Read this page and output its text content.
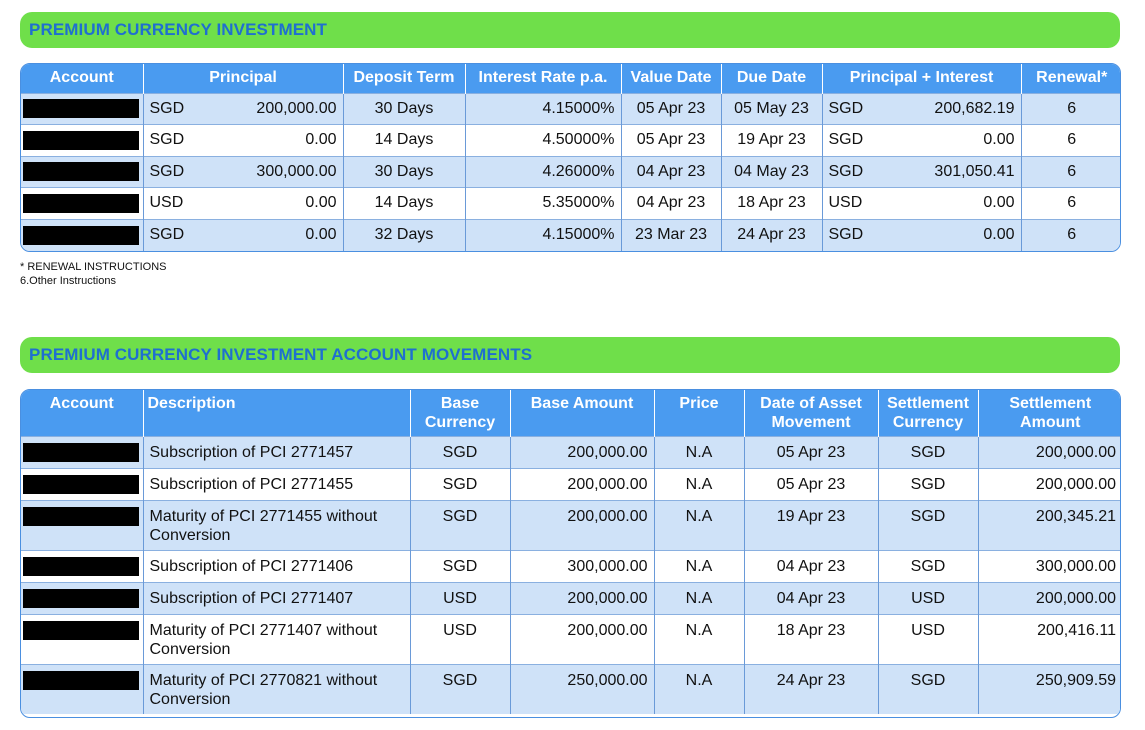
PREMIUM CURRENCY INVESTMENT
Account	Principal	Deposit Term	Interest Rate p.a.	Value Date	Due Date	Principal + Interest	Renewal*

	SGD 200,000.00	30 Days	4.15000%	05 Apr 23	05 May 23	SGD 200,682.19	6

	SGD 0.00	14 Days	4.50000%	05 Apr 23	19 Apr 23	SGD 0.00	6

	SGD 300,000.00	30 Days	4.26000%	04 Apr 23	04 May 23	SGD 301,050.41	6

	USD 0.00	14 Days	5.35000%	04 Apr 23	18 Apr 23	USD 0.00	6

	SGD 0.00	32 Days	4.15000%	23 Mar 23	24 Apr 23	SGD 0.00	6
* RENEWAL INSTRUCTIONS
6.Other Instructions
PREMIUM CURRENCY INVESTMENT ACCOUNT MOVEMENTS
Account	Description	Base Currency	Base Amount	Price	Date of Asset Movement	Settlement Currency	Settlement Amount

	Subscription of PCI 2771457	SGD	200,000.00	N.A	05 Apr 23	SGD	200,000.00

	Subscription of PCI 2771455	SGD	200,000.00	N.A	05 Apr 23	SGD	200,000.00

	Maturity of PCI 2771455 without Conversion	SGD	200,000.00	N.A	19 Apr 23	SGD	200,345.21

	Subscription of PCI 2771406	SGD	300,000.00	N.A	04 Apr 23	SGD	300,000.00

	Subscription of PCI 2771407	USD	200,000.00	N.A	04 Apr 23	USD	200,000.00

	Maturity of PCI 2771407 without Conversion	USD	200,000.00	N.A	18 Apr 23	USD	200,416.11

	Maturity of PCI 2770821 without Conversion	SGD	250,000.00	N.A	24 Apr 23	SGD	250,909.59
